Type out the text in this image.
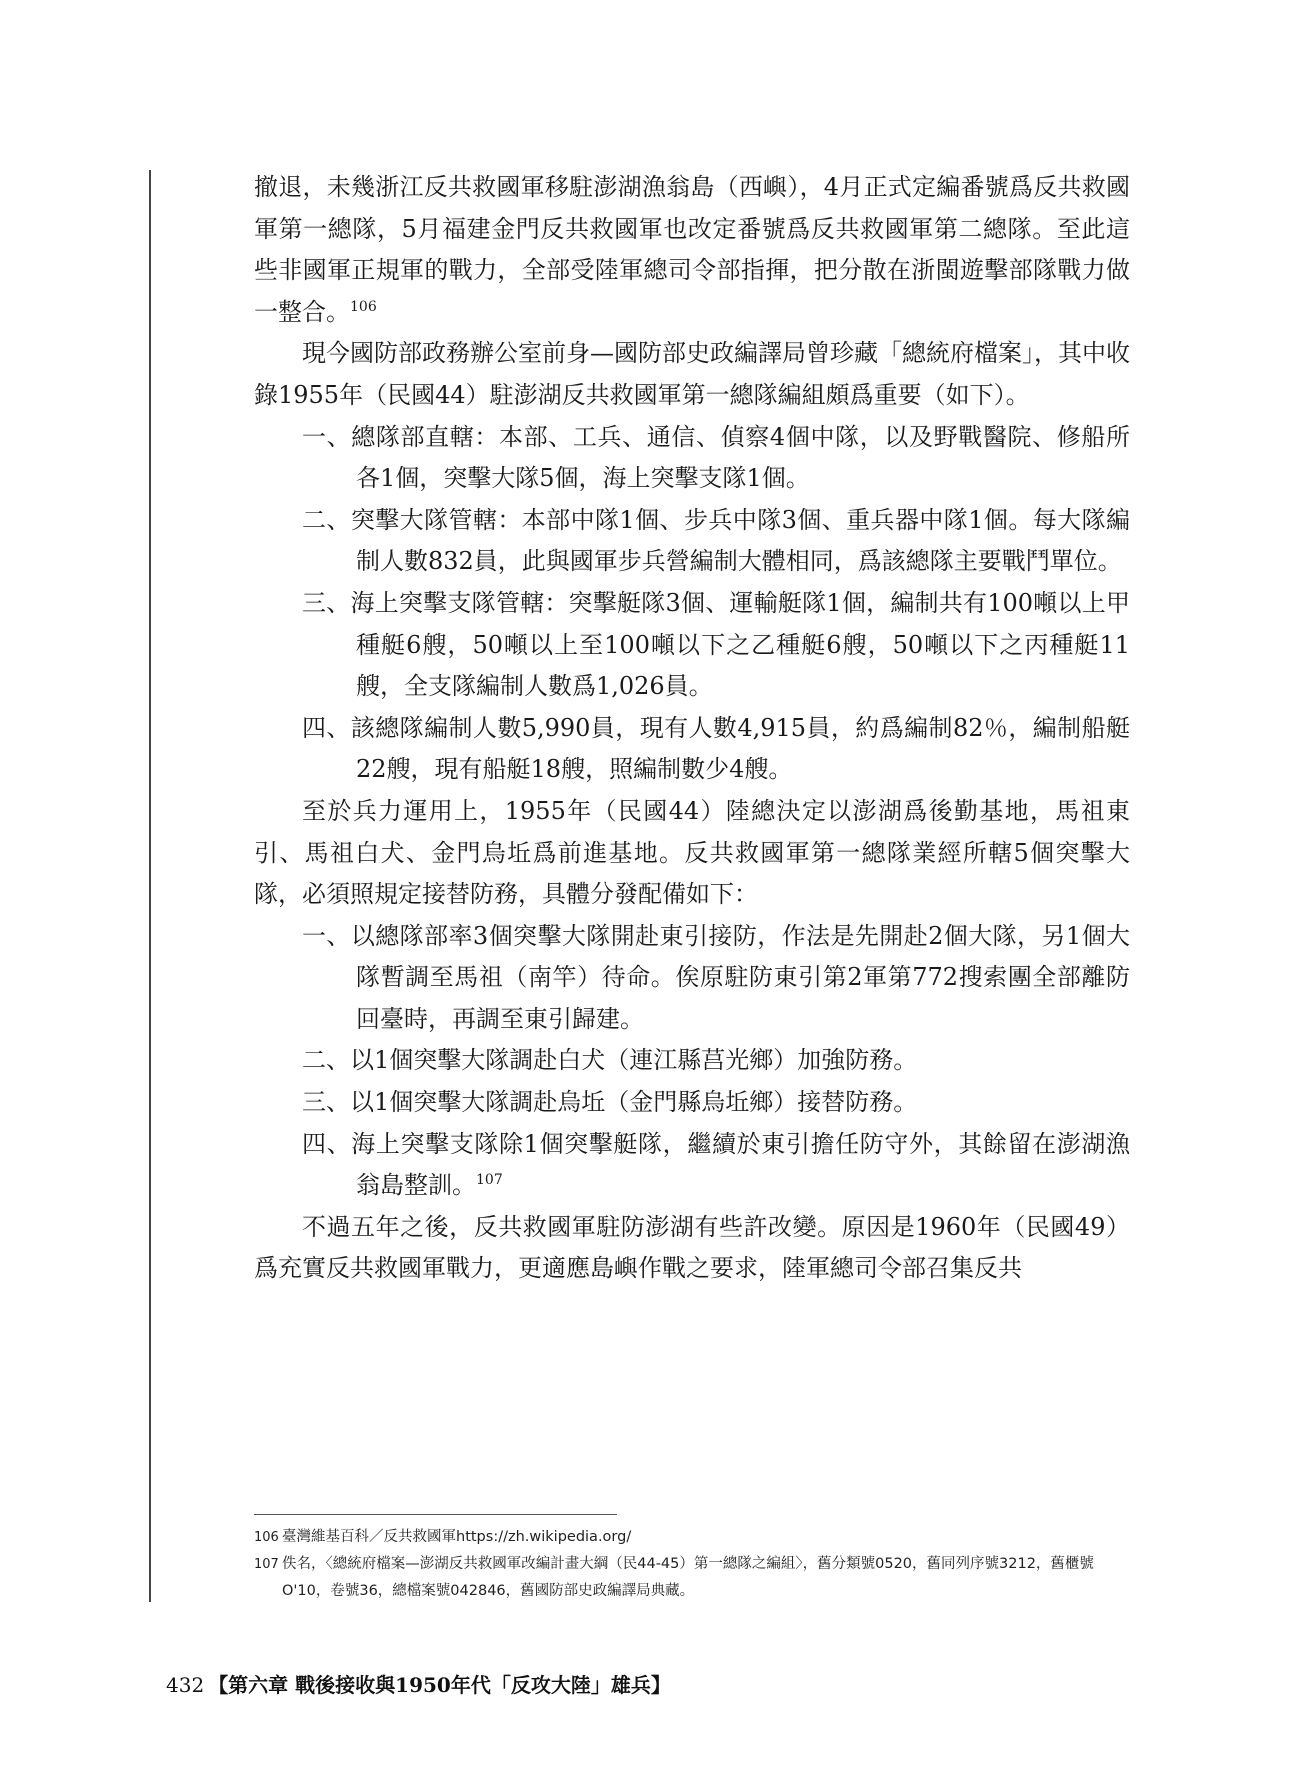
撤退，未幾浙江反共救國軍移駐澎湖漁翁島（西嶼），4月正式定編番號爲反共救國軍第一總隊，5月福建金門反共救國軍也改定番號爲反共救國軍第二總隊。至此這些非國軍正規軍的戰力，全部受陸軍總司令部指揮，把分散在浙閩遊擊部隊戰力做一整合。$^{106}$

現今國防部政務辦公室前身—國防部史政編譯局曾珍藏「總統府檔案」，其中收錄1955年（民國44）駐澎湖反共救國軍第一總隊編組頗爲重要（如下）。

一、總隊部直轄：本部、工兵、通信、偵察4個中隊，以及野戰醫院、修船所各1個，突擊大隊5個，海上突擊支隊1個。
二、突擊大隊管轄：本部中隊1個、步兵中隊3個、重兵器中隊1個。每大隊編制人數832員，此與國軍步兵營編制大體相同，爲該總隊主要戰鬥單位。
三、海上突擊支隊管轄：突擊艇隊3個、運輸艇隊1個，編制共有100噸以上甲種艇6艘，50噸以上至100噸以下之乙種艇6艘，50噸以下之丙種艇11艘，全支隊編制人數爲1,026員。
四、該總隊編制人數5,990員，現有人數4,915員，約爲編制82％，編制船艇22艘，現有船艇18艘，照編制數少4艘。

至於兵力運用上，1955年（民國44）陸總決定以澎湖爲後勤基地，馬祖東引、馬祖白犬、金門烏坵爲前進基地。反共救國軍第一總隊業經所轄5個突擊大隊，必須照規定接替防務，具體分發配備如下：

一、以總隊部率3個突擊大隊開赴東引接防，作法是先開赴2個大隊，另1個大隊暫調至馬祖（南竿）待命。俟原駐防東引第2軍第772搜索團全部離防回臺時，再調至東引歸建。
二、以1個突擊大隊調赴白犬（連江縣莒光鄉）加強防務。
三、以1個突擊大隊調赴烏坵（金門縣烏坵鄉）接替防務。
四、海上突擊支隊除1個突擊艇隊，繼續於東引擔任防守外，其餘留在澎湖漁翁島整訓。$^{107}$

不過五年之後，反共救國軍駐防澎湖有些許改變。原因是1960年（民國49）爲充實反共救國軍戰力，更適應島嶼作戰之要求，陸軍總司令部召集反共

106 臺灣維基百科／反共救國軍https://zh.wikipedia.org/

107 佚名，〈總統府檔案—澎湖反共救國軍改編計畫大綱（民44-45）第一總隊之編組〉，舊分類號0520，舊同列序號3212，舊櫃號O'10，卷號36，總檔案號042846，舊國防部史政編譯局典藏。

432 【第六章 戰後接收與1950年代「反攻大陸」雄兵】
